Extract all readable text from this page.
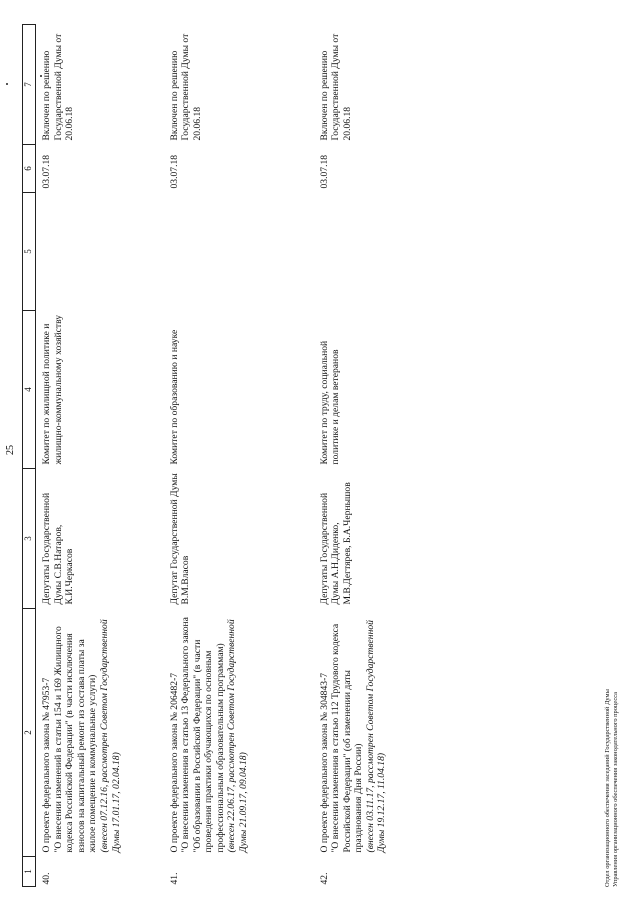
25
1	2	3	4	5	6	7
40.	О проекте федерального закона № 47953-7 "О внесении изменений в статьи 154 и 169 Жилищного кодекса Российской Федерации" (в части исключения взносов на капитальный ремонт из состава платы за жилое помещение и коммунальные услуги) (внесен 07.12.16, рассмотрен Советом Государственной Думы 17.01.17, 02.04.18)	Депутаты Государственной Думы С.В.Натаров, К.И.Черкасов	Комитет по жилищной политике и жилищно-коммунальному хозяйству		03.07.18	Включен по решению Государственной Думы от 20.06.18
41.	О проекте федерального закона № 206482-7 "О внесении изменения в статью 13 Федерального закона "Об образовании в Российской Федерации" (в части проведения практики обучающихся по основным профессиональным образовательным программам) (внесен 22.06.17, рассмотрен Советом Государственной Думы 21.09.17, 09.04.18)	Депутат Государственной Думы В.М.Власов	Комитет по образованию и науке		03.07.18	Включен по решению Государственной Думы от 20.06.18
42.	О проекте федерального закона № 304843-7 "О внесении изменения в статью 112 Трудового кодекса Российской Федерации" (об изменении даты празднования Дня России) (внесен 03.11.17, рассмотрен Советом Государственной Думы 19.12.17, 11.04.18)	Депутаты Государственной Думы А.Н.Диденко, М.В.Дегтярев, Б.А.Чернышов	Комитет по труду, социальной политике и делам ветеранов		03.07.18	Включен по решению Государственной Думы от 20.06.18
Отдел организационного обеспечения заседаний Государственной Думы Управления организационного обеспечения законодательного процесса
